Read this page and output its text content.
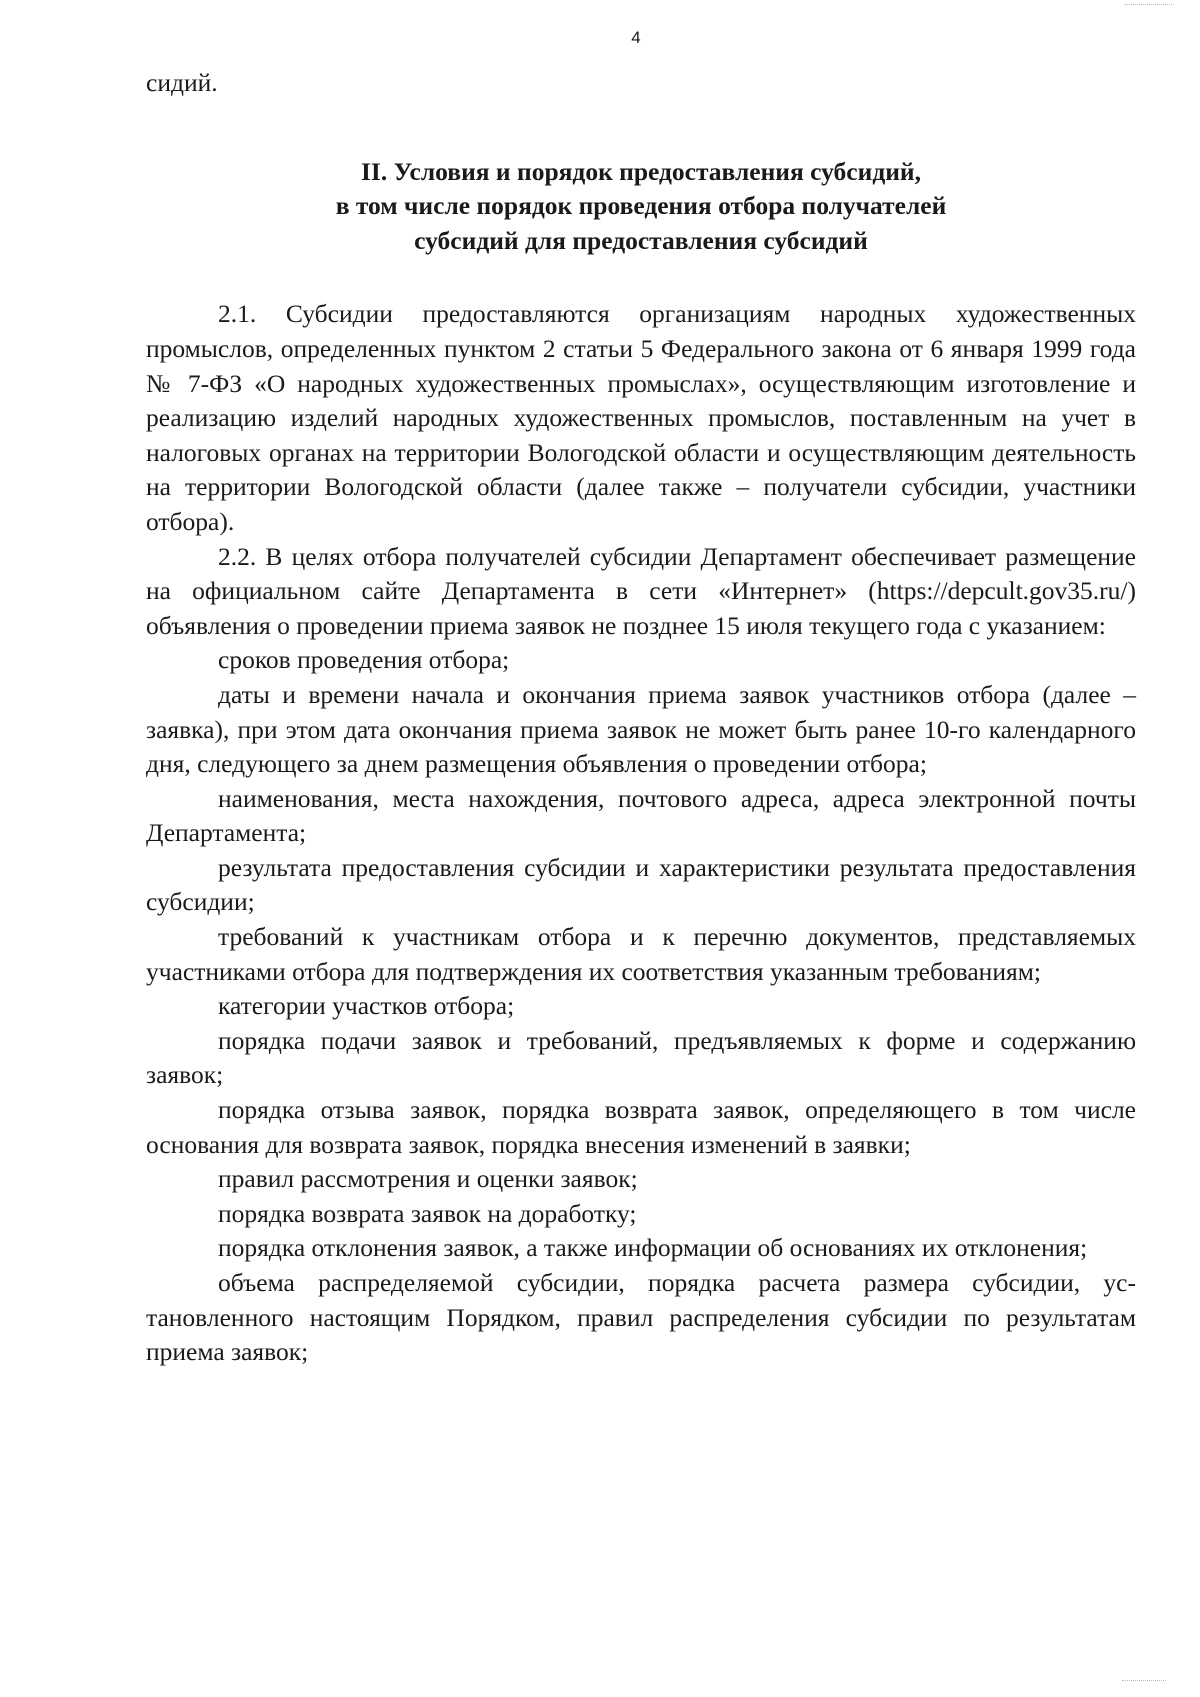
4

сидий.

II. Условия и порядок предоставления субсидий,
в том числе порядок проведения отбора получателей
субсидий для предоставления субсидий

2.1. Субсидии предоставляются организациям народных художественных промыслов, определенных пунктом 2 статьи 5 Федерального закона от 6 января 1999 года № 7-ФЗ «О народных художественных промыслах», осуществляющим изготовление и реализацию изделий народных художественных промыслов, поставленным на учет в налоговых органах на территории Вологодской области и осуществляющим деятельность на территории Вологодской области (далее также – получатели субсидии, участники отбора).

2.2. В целях отбора получателей субсидии Департамент обеспечивает размещение на официальном сайте Департамента в сети «Интернет» (https://depcult.gov35.ru/) объявления о проведении приема заявок не позднее 15 июля текущего года с указанием:

сроков проведения отбора;

даты и времени начала и окончания приема заявок участников отбора (далее – заявка), при этом дата окончания приема заявок не может быть ранее 10-го календарного дня, следующего за днем размещения объявления о проведении отбора;

наименования, места нахождения, почтового адреса, адреса электронной почты Департамента;

результата предоставления субсидии и характеристики результата предоставления субсидии;

требований к участникам отбора и к перечню документов, представляемых участниками отбора для подтверждения их соответствия указанным требованиям;

категории участков отбора;

порядка подачи заявок и требований, предъявляемых к форме и содержанию заявок;

порядка отзыва заявок, порядка возврата заявок, определяющего в том числе основания для возврата заявок, порядка внесения изменений в заявки;

правил рассмотрения и оценки заявок;

порядка возврата заявок на доработку;

порядка отклонения заявок, а также информации об основаниях их отклонения;

объема распределяемой субсидии, порядка расчета размера субсидии, установленного настоящим Порядком, правил распределения субсидии по результатам приема заявок;
